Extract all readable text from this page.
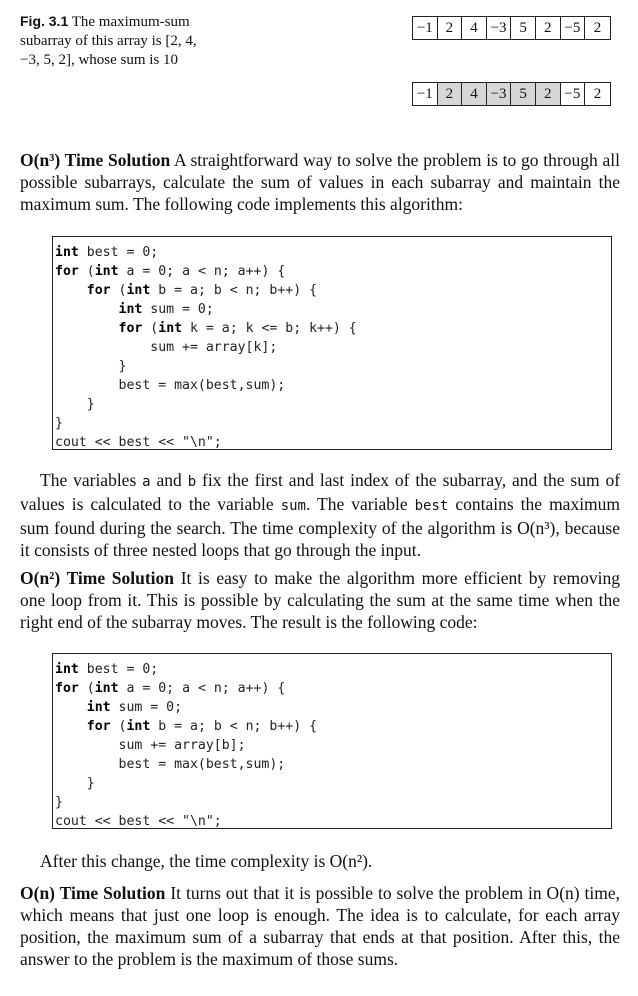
Fig. 3.1 The maximum-sum subarray of this array is [2, 4, −3, 5, 2], whose sum is 10
−1 2	4 −3 5	2 −5 2
−1 2	4 −3 5	2 −5 2

O(n³) Time Solution A straightforward way to solve the problem is to go through all possible subarrays, calculate the sum of values in each subarray and maintain the maximum sum. The following code implements this algorithm:

int best = 0;
for (int a = 0; a < n; a++) {
for (int b = a; b < n; b++) {
int sum = 0;
for (int k = a; k <= b; k++) {
sum += array[k];
}
best = max(best,sum);
}
}
cout << best << "\n";

The variables a and b fix the first and last index of the subarray, and the sum of values is calculated to the variable sum. The variable best contains the maximum sum found during the search. The time complexity of the algorithm is O(n³), because it consists of three nested loops that go through the input.

O(n²) Time Solution It is easy to make the algorithm more efficient by removing one loop from it. This is possible by calculating the sum at the same time when the right end of the subarray moves. The result is the following code:

int best = 0;
for (int a = 0; a < n; a++) {
int sum = 0;
for (int b = a; b < n; b++) {
sum += array[b];
best = max(best,sum);
}
}
cout << best << "\n";

After this change, the time complexity is O(n²).

O(n) Time Solution It turns out that it is possible to solve the problem in O(n) time, which means that just one loop is enough. The idea is to calculate, for each array position, the maximum sum of a subarray that ends at that position. After this, the answer to the problem is the maximum of those sums.
